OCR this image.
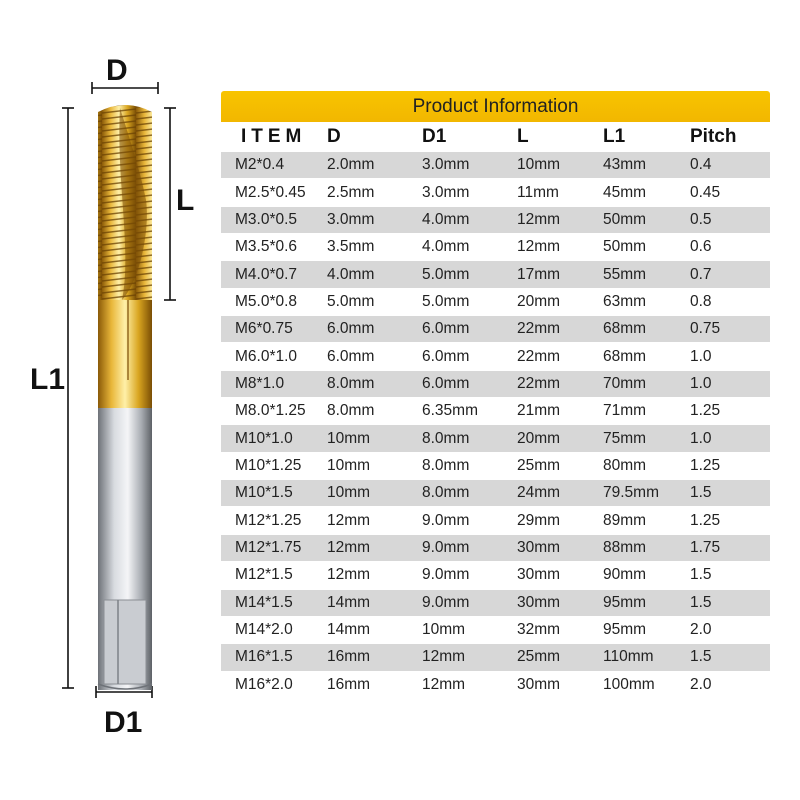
D
L
L1
D1
Product Information
ITEM	D	D1	L	L1	Pitch
M2*0.4	2.0mm	3.0mm	10mm	43mm	0.4
M2.5*0.45	2.5mm	3.0mm	11mm	45mm	0.45
M3.0*0.5	3.0mm	4.0mm	12mm	50mm	0.5
M3.5*0.6	3.5mm	4.0mm	12mm	50mm	0.6
M4.0*0.7	4.0mm	5.0mm	17mm	55mm	0.7
M5.0*0.8	5.0mm	5.0mm	20mm	63mm	0.8
M6*0.75	6.0mm	6.0mm	22mm	68mm	0.75
M6.0*1.0	6.0mm	6.0mm	22mm	68mm	1.0
M8*1.0	8.0mm	6.0mm	22mm	70mm	1.0
M8.0*1.25	8.0mm	6.35mm	21mm	71mm	1.25
M10*1.0	10mm	8.0mm	20mm	75mm	1.0
M10*1.25	10mm	8.0mm	25mm	80mm	1.25
M10*1.5	10mm	8.0mm	24mm	79.5mm	1.5
M12*1.25	12mm	9.0mm	29mm	89mm	1.25
M12*1.75	12mm	9.0mm	30mm	88mm	1.75
M12*1.5	12mm	9.0mm	30mm	90mm	1.5
M14*1.5	14mm	9.0mm	30mm	95mm	1.5
M14*2.0	14mm	10mm	32mm	95mm	2.0
M16*1.5	16mm	12mm	25mm	110mm	1.5
M16*2.0	16mm	12mm	30mm	100mm	2.0
